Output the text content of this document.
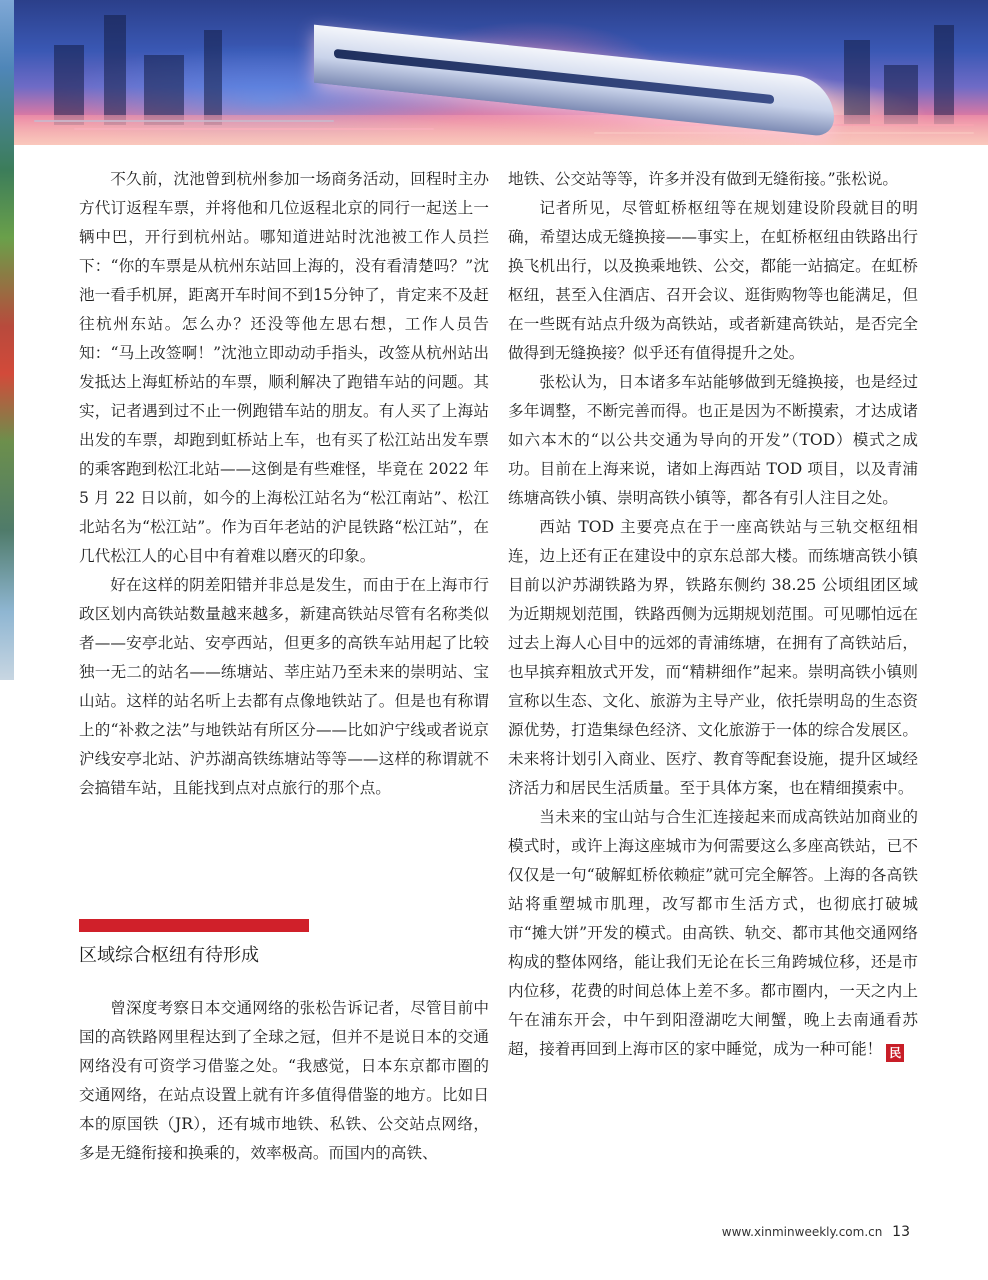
不久前，沈池曾到杭州参加一场商务活动，回程时主办方代订返程车票，并将他和几位返程北京的同行一起送上一辆中巴，开行到杭州站。哪知道进站时沈池被工作人员拦下：“你的车票是从杭州东站回上海的，没有看清楚吗？”沈池一看手机屏，距离开车时间不到15分钟了，肯定来不及赶往杭州东站。怎么办？还没等他左思右想，工作人员告知：“马上改签啊！”沈池立即动动手指头，改签从杭州站出发抵达上海虹桥站的车票，顺利解决了跑错车站的问题。其实，记者遇到过不止一例跑错车站的朋友。有人买了上海站出发的车票，却跑到虹桥站上车，也有买了松江站出发车票的乘客跑到松江北站——这倒是有些难怪，毕竟在 2022 年 5 月 22 日以前，如今的上海松江站名为“松江南站”、松江北站名为“松江站”。作为百年老站的沪昆铁路“松江站”，在几代松江人的心目中有着难以磨灭的印象。

好在这样的阴差阳错并非总是发生，而由于在上海市行政区划内高铁站数量越来越多，新建高铁站尽管有名称类似者——安亭北站、安亭西站，但更多的高铁车站用起了比较独一无二的站名——练塘站、莘庄站乃至未来的崇明站、宝山站。这样的站名听上去都有点像地铁站了。但是也有称谓上的“补救之法”与地铁站有所区分——比如沪宁线或者说京沪线安亭北站、沪苏湖高铁练塘站等等——这样的称谓就不会搞错车站，且能找到点对点旅行的那个点。

区域综合枢纽有待形成

曾深度考察日本交通网络的张松告诉记者，尽管目前中国的高铁路网里程达到了全球之冠，但并不是说日本的交通网络没有可资学习借鉴之处。“我感觉，日本东京都市圈的交通网络，在站点设置上就有许多值得借鉴的地方。比如日本的原国铁（JR），还有城市地铁、私铁、公交站点网络，多是无缝衔接和换乘的，效率极高。而国内的高铁、

地铁、公交站等等，许多并没有做到无缝衔接。”张松说。

记者所见，尽管虹桥枢纽等在规划建设阶段就目的明确，希望达成无缝换接——事实上，在虹桥枢纽由铁路出行换飞机出行，以及换乘地铁、公交，都能一站搞定。在虹桥枢纽，甚至入住酒店、召开会议、逛街购物等也能满足，但在一些既有站点升级为高铁站，或者新建高铁站，是否完全做得到无缝换接？似乎还有值得提升之处。

张松认为，日本诸多车站能够做到无缝换接，也是经过多年调整，不断完善而得。也正是因为不断摸索，才达成诸如六本木的“以公共交通为导向的开发”（TOD）模式之成功。目前在上海来说，诸如上海西站 TOD 项目，以及青浦练塘高铁小镇、崇明高铁小镇等，都各有引人注目之处。

西站 TOD 主要亮点在于一座高铁站与三轨交枢纽相连，边上还有正在建设中的京东总部大楼。而练塘高铁小镇目前以沪苏湖铁路为界，铁路东侧约 38.25 公顷组团区域为近期规划范围，铁路西侧为远期规划范围。可见哪怕远在过去上海人心目中的远郊的青浦练塘，在拥有了高铁站后，也早摈弃粗放式开发，而“精耕细作”起来。崇明高铁小镇则宣称以生态、文化、旅游为主导产业，依托崇明岛的生态资源优势，打造集绿色经济、文化旅游于一体的综合发展区。未来将计划引入商业、医疗、教育等配套设施，提升区域经济活力和居民生活质量。至于具体方案，也在精细摸索中。

当未来的宝山站与合生汇连接起来而成高铁站加商业的模式时，或许上海这座城市为何需要这么多座高铁站，已不仅仅是一句“破解虹桥依赖症”就可完全解答。上海的各高铁站将重塑城市肌理，改写都市生活方式，也彻底打破城市“摊大饼”开发的模式。由高铁、轨交、都市其他交通网络构成的整体网络，能让我们无论在长三角跨城位移，还是市内位移，花费的时间总体上差不多。都市圈内，一天之内上午在浦东开会，中午到阳澄湖吃大闸蟹，晚上去南通看苏超，接着再回到上海市区的家中睡觉，成为一种可能！ 民

www.xinminweekly.com.cn 13
